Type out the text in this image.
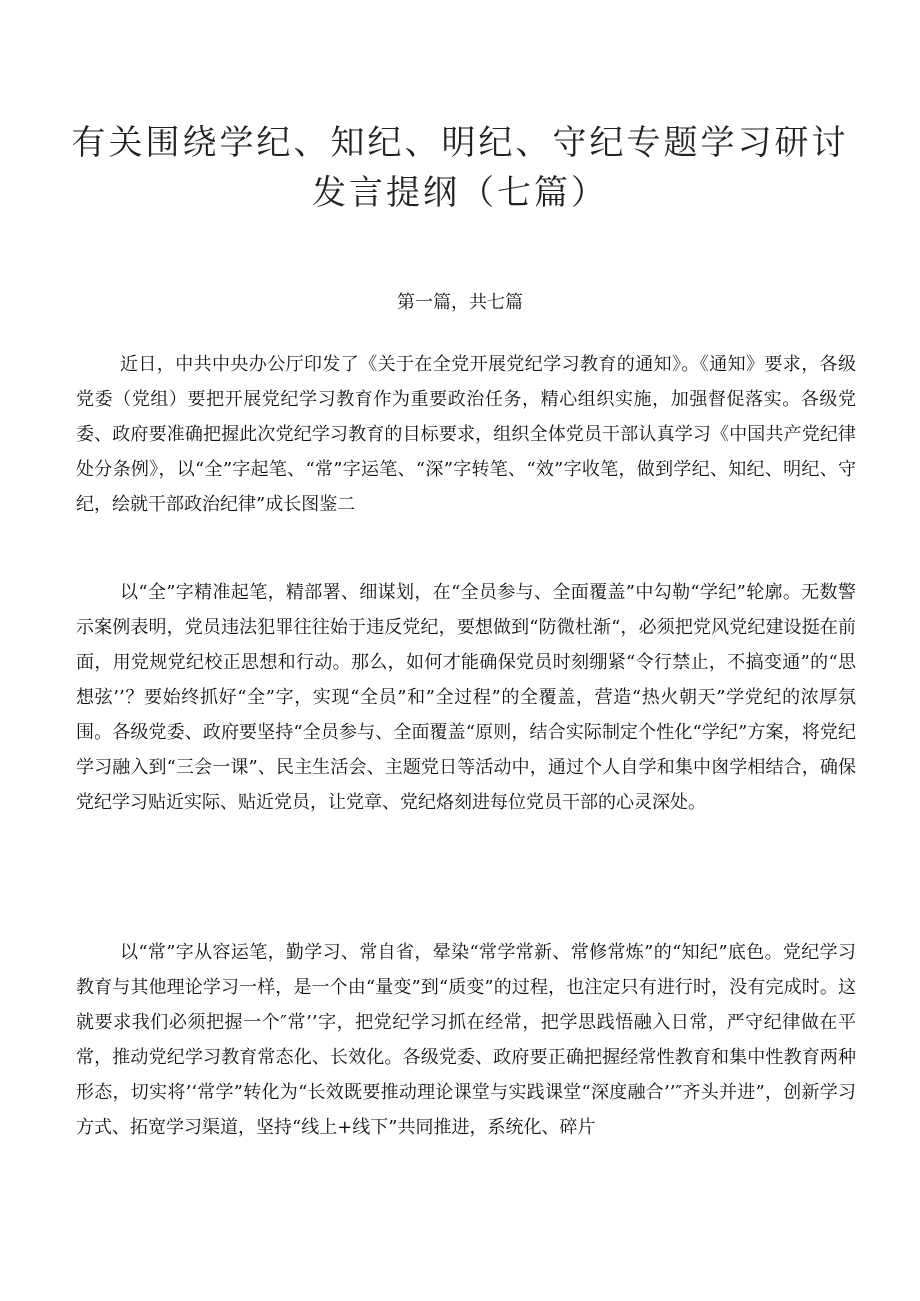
有关围绕学纪、知纪、明纪、守纪专题学习研讨发言提纲（七篇）
第一篇，共七篇

近日，中共中央办公厅印发了《关于在全党开展党纪学习教育的通知》。《通知》要求，各级党委（党组）要把开展党纪学习教育作为重要政治任务，精心组织实施，加强督促落实。各级党委、政府要准确把握此次党纪学习教育的目标要求，组织全体党员干部认真学习《中国共产党纪律处分条例》，以“全”字起笔、“常”字运笔、“深”字转笔、“效”字收笔，做到学纪、知纪、明纪、守纪，绘就干部政治纪律”成长图鉴二

以“全”字精准起笔，精部署、细谋划，在“全员参与、全面覆盖”中勾勒“学纪”轮廓。无数警示案例表明，党员违法犯罪往往始于违反党纪，要想做到“防微杜渐“，必须把党风党纪建设挺在前面，用党规党纪校正思想和行动。那么，如何才能确保党员时刻绷紧“令行禁止，不搞变通”的“思想弦’’？要始终抓好“全”字，实现“全员”和”全过程”的全覆盖，营造“热火朝天”学党纪的浓厚氛围。各级党委、政府要坚持“全员参与、全面覆盖“原则，结合实际制定个性化“学纪”方案，将党纪学习融入到“三会一课”、民主生活会、主题党日等活动中，通过个人自学和集中囪学相结合，确保党纪学习贴近实际、贴近党员，让党章、党纪烙刻进每位党员干部的心灵深处。

以“常”字从容运笔，勤学习、常自省，晕染“常学常新、常修常炼”的“知纪”底色。党纪学习教育与其他理论学习一样，是一个由“量变”到“质变”的过程，也注定只有进行时，没有完成时。这就要求我们必须把握一个″常’’字，把党纪学习抓在经常，把学思践悟融入日常，严守纪律做在平常，推动党纪学习教育常态化、长效化。各级党委、政府要正确把握经常性教育和集中性教育两种形态，切实将’‘常学”转化为“长效既要推动理论课堂与实践课堂“深度融合’’″齐头并进”，创新学习方式、拓宽学习渠道，坚持“线上+线下”共同推进，系统化、碎片
